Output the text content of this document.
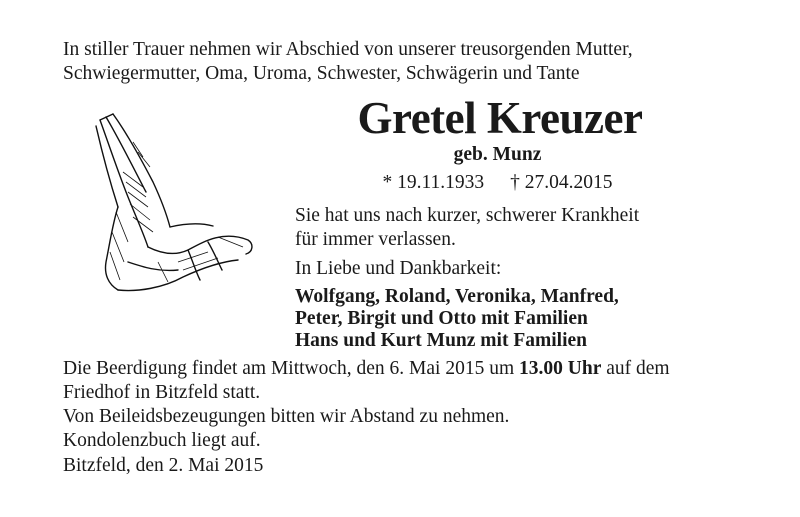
In stiller Trauer nehmen wir Abschied von unserer treusorgenden Mutter,
Schwiegermutter, Oma, Uroma, Schwester, Schwägerin und Tante
Gretel Kreuzer
geb. Munz
* 19.11.1933 † 27.04.2015
Sie hat uns nach kurzer, schwerer Krankheit
für immer verlassen.
In Liebe und Dankbarkeit:
Wolfgang, Roland, Veronika, Manfred,
Peter, Birgit und Otto mit Familien
Hans und Kurt Munz mit Familien
Die Beerdigung findet am Mittwoch, den 6. Mai 2015 um 13.00 Uhr auf dem
Friedhof in Bitzfeld statt.
Von Beileidsbezeugungen bitten wir Abstand zu nehmen.
Kondolenzbuch liegt auf.
Bitzfeld, den 2. Mai 2015
